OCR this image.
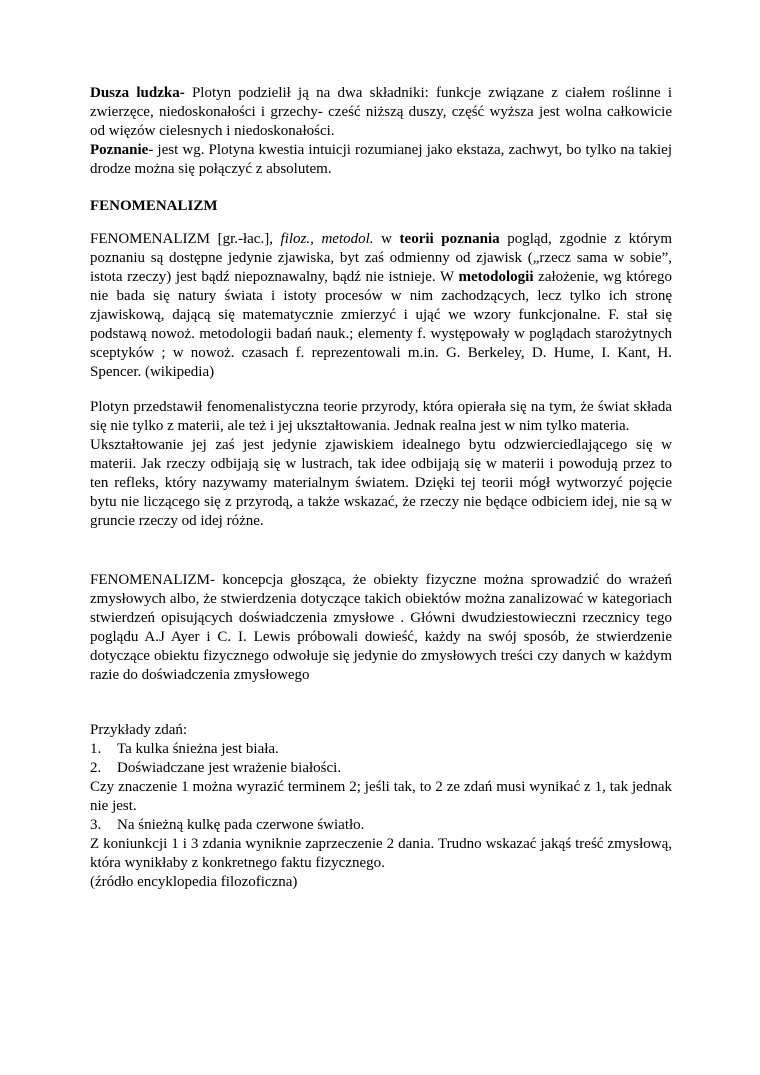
Dusza ludzka- Plotyn podzielił ją na dwa składniki: funkcje związane z ciałem roślinne i zwierzęce, niedoskonałości i grzechy- cześć niższą duszy, część wyższa jest wolna całkowicie od więzów cielesnych i niedoskonałości.

Poznanie- jest wg. Plotyna kwestia intuicji rozumianej jako ekstaza, zachwyt, bo tylko na takiej drodze można się połączyć z absolutem.

FENOMENALIZM

FENOMENALIZM [gr.-łac.], filoz., metodol. w teorii poznania pogląd, zgodnie z którym poznaniu są dostępne jedynie zjawiska, byt zaś odmienny od zjawisk („rzecz sama w sobie”, istota rzeczy) jest bądź niepoznawalny, bądź nie istnieje. W metodologii założenie, wg którego nie bada się natury świata i istoty procesów w nim zachodzących, lecz tylko ich stronę zjawiskową, dającą się matematycznie zmierzyć i ująć we wzory funkcjonalne. F. stał się podstawą nowoż. metodologii badań nauk.; elementy f. występowały w poglądach starożytnych sceptyków ; w nowoż. czasach f. reprezentowali m.in. G. Berkeley, D. Hume, I. Kant, H. Spencer. (wikipedia)

Plotyn przedstawił fenomenalistyczna teorie przyrody, która opierała się na tym, że świat składa się nie tylko z materii, ale też i jej ukształtowania. Jednak realna jest w nim tylko materia.

Ukształtowanie jej zaś jest jedynie zjawiskiem idealnego bytu odzwierciedlającego się w materii. Jak rzeczy odbijają się w lustrach, tak idee odbijają się w materii i powodują przez to ten refleks, który nazywamy materialnym światem. Dzięki tej teorii mógł wytworzyć pojęcie bytu nie liczącego się z przyrodą, a także wskazać, że rzeczy nie będące odbiciem idej, nie są w gruncie rzeczy od idej różne.

FENOMENALIZM- koncepcja głosząca, że obiekty fizyczne można sprowadzić do wrażeń zmysłowych albo, że stwierdzenia dotyczące takich obiektów można zanalizować w kategoriach stwierdzeń opisujących doświadczenia zmysłowe . Główni dwudziestowieczni rzecznicy tego poglądu A.J Ayer i C. I. Lewis próbowali dowieść, każdy na swój sposób, że stwierdzenie dotyczące obiektu fizycznego odwołuje się jedynie do zmysłowych treści czy danych w każdym razie do doświadczenia zmysłowego

Przykłady zdań:

1. Ta kulka śnieżna jest biała.

2. Doświadczane jest wrażenie białości.

Czy znaczenie 1 można wyrazić terminem 2; jeśli tak, to 2 ze zdań musi wynikać z 1, tak jednak nie jest.

3. Na śnieżną kulkę pada czerwone światło.

Z koniunkcji 1 i 3 zdania wyniknie zaprzeczenie 2 dania. Trudno wskazać jakąś treść zmysłową, która wynikłaby z konkretnego faktu fizycznego.

(źródło encyklopedia filozoficzna)
